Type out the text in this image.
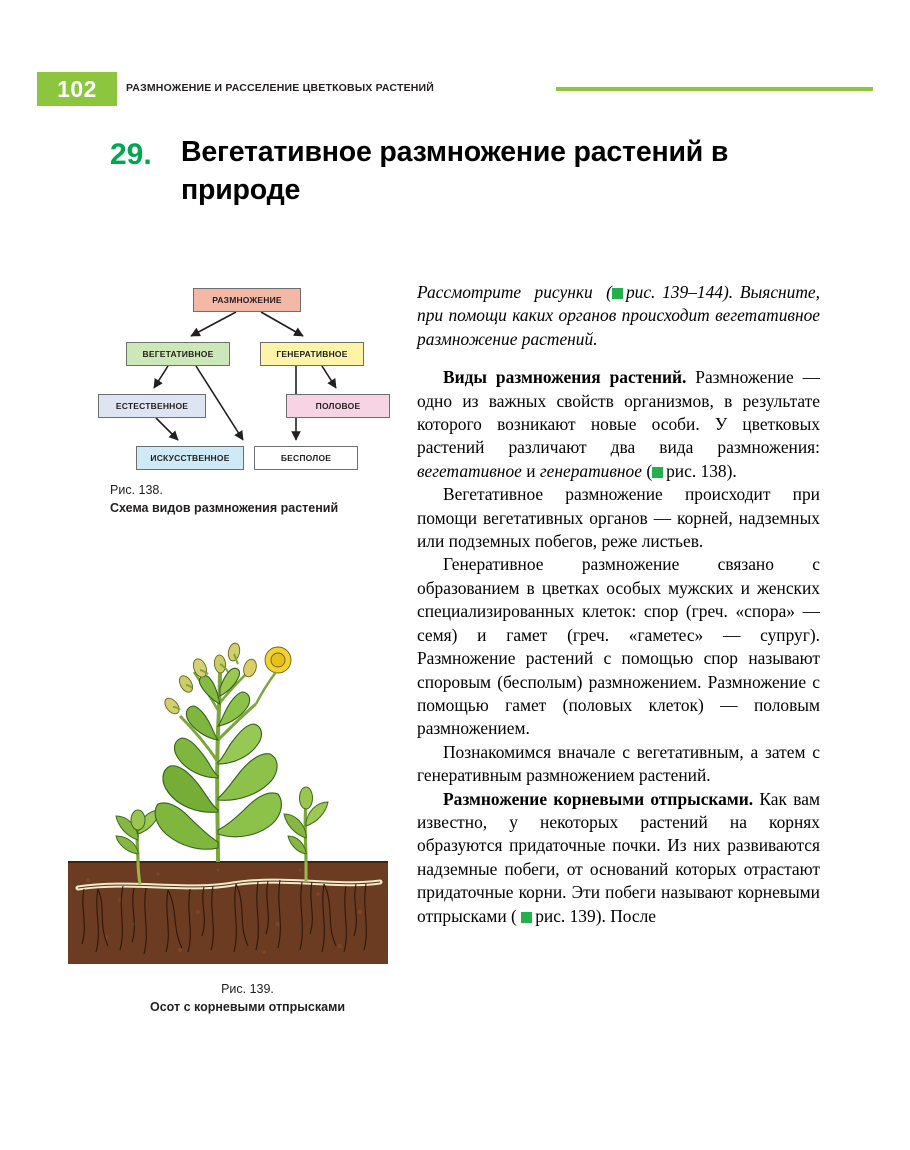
102	РАЗМНОЖЕНИЕ И РАССЕЛЕНИЕ ЦВЕТКОВЫХ РАСТЕНИЙ
29. Вегетативное размножение растений в природе
РАЗМНОЖЕНИЕ
ВЕГЕТАТИВНОЕ	ГЕНЕРАТИВНОЕ
ЕСТЕСТВЕННОЕ	ПОЛОВОЕ
ИСКУССТВЕННОЕ	БЕСПОЛОЕ
Рис. 138.
Схема видов размножения растений
Рис. 139.
Осот с корневыми отпрысками

Рассмотрите  рисунки  ( рис. 139–144). Выясните, при помощи каких органов происходит вегетативное размножение растений.

Виды размножения растений. Размножение — одно из важных свойств организмов, в результате которого возникают новые особи. У цветковых растений различают два вида размножения: вегетативное и генеративное ( рис. 138).

Вегетативное размножение происходит при помощи вегетативных органов — корней, надземных или подземных побегов, реже листьев.

Генеративное размножение связано с образованием в цветках особых мужских и женских специализированных клеток: спор (греч. «спора» — семя) и гамет (греч. «гаметес» — супруг). Размножение растений с помощью спор называют споровым (бесполым) размножением. Размножение с помощью гамет (половых клеток) — половым размножением.

Познакомимся вначале с вегетативным, а затем с генеративным размножением растений.

Размножение корневыми отпрысками. Как вам известно, у некоторых растений на корнях образуются придаточные почки. Из них развиваются надземные побеги, от оснований которых отрастают придаточные корни. Эти побеги называют корневыми отпрысками ( рис. 139). После
